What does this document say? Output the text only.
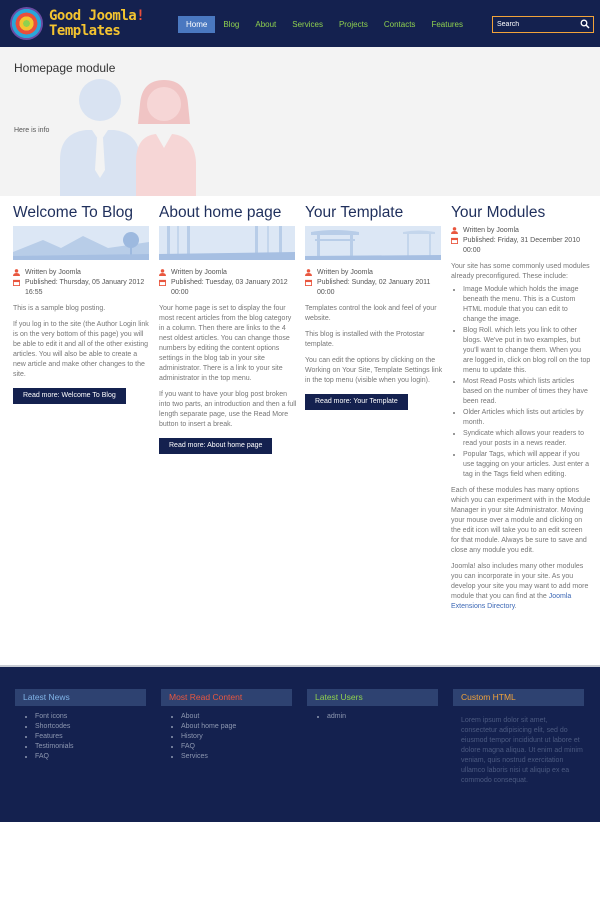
Good Joomla!
Templates	Home	Blog	About	Services	Projects	Contacts	Features
Search
Homepage module
Here is info
Welcome To Blog
Written by Joomla
Published: Thursday, 05 January 2012 16:55

This is a sample blog posting.

If you log in to the site (the Author Login link is on the very bottom of this page) you will be able to edit it and all of the other existing articles. You will also be able to create a new article and make other changes to the site.

Read more: Welcome To Blog
About home page
Written by Joomla
Published: Tuesday, 03 January 2012 00:00

Your home page is set to display the four most recent articles from the blog category in a column. Then there are links to the 4 nest oldest articles. You can change those numbers by editing the content options settings in the blog tab in your site administrator. There is a link to your site administrator in the top menu.

If you want to have your blog post broken into two parts, an introduction and then a full length separate page, use the Read More button to insert a break.

Read more: About home page
Your Template
Written by Joomla
Published: Sunday, 02 January 2011 00:00

Templates control the look and feel of your website.

This blog is installed with the Protostar template.

You can edit the options by clicking on the Working on Your Site, Template Settings link in the top menu (visible when you login).

Read more: Your Template
Your Modules
Written by Joomla
Published: Friday, 31 December 2010 00:00

Your site has some commonly used modules already preconfigured. These include:

• Image Module which holds the image beneath the menu. This is a Custom HTML module that you can edit to change the image.
• Blog Roll. which lets you link to other blogs. We've put in two examples, but you'll want to change them. When you are logged in, click on blog roll on the top menu to update this.
• Most Read Posts which lists articles based on the number of times they have been read.
• Older Articles which lists out articles by month.
• Syndicate which allows your readers to read your posts in a news reader.
• Popular Tags, which will appear if you use tagging on your articles. Just enter a tag in the Tags field when editing.

Each of these modules has many options which you can experiment with in the Module Manager in your site Administrator. Moving your mouse over a module and clicking on the edit icon will take you to an edit screen for that module. Always be sure to save and close any module you edit.

Joomla! also includes many other modules you can incorporate in your site. As you develop your site you may want to add more module that you can find at the Joomla Extensions Directory.

Latest News
• Font icons
• Shortcodes
• Features
• Testimonials
• FAQ
Most Read Content
• About
• About home page
• History
• FAQ
• Services
Latest Users
• admin
Custom HTML
Lorem ipsum dolor sit amet, consectetur adipisicing elit, sed do eiusmod tempor incididunt ut labore et dolore magna aliqua. Ut enim ad minim veniam, quis nostrud exercitation ullamco laboris nisi ut aliquip ex ea commodo consequat.
